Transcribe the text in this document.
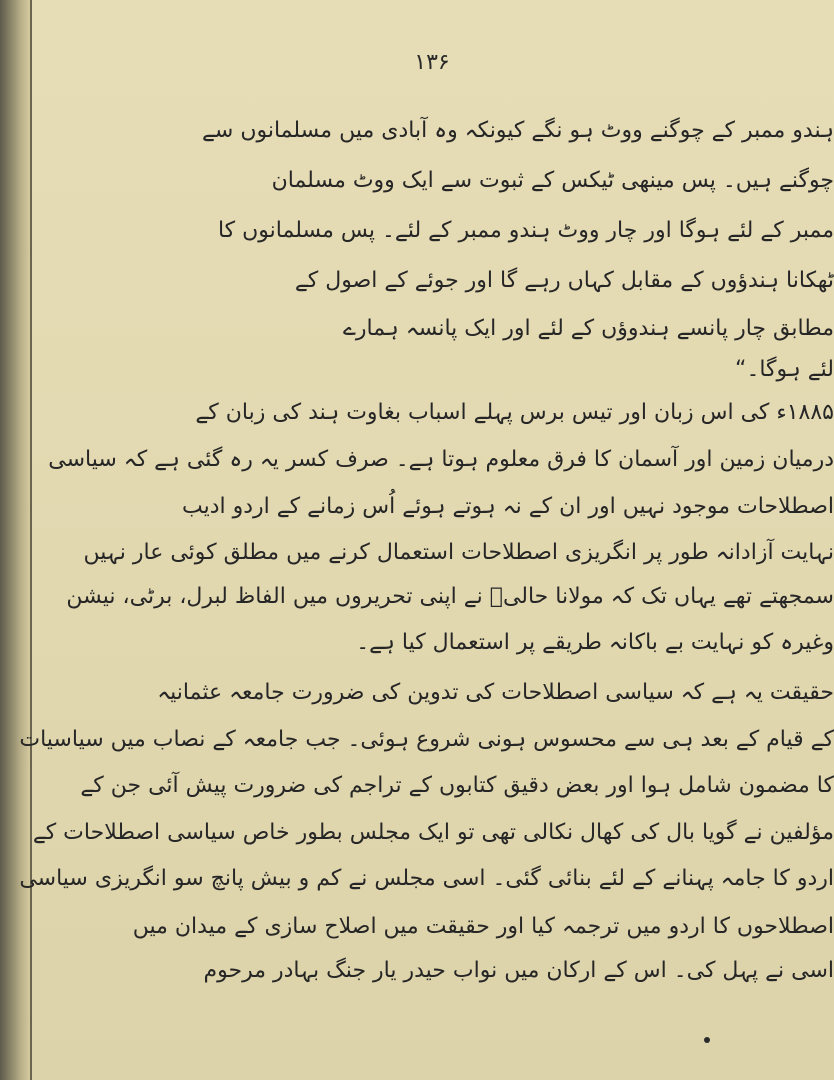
۱۳۶
ہندو ممبر کے چوگنے ووٹ ہو نگے کیونکہ وہ آبادی میں مسلمانوں سے
چوگنے ہیں۔ پس مینھی ٹیکس کے ثبوت سے ایک ووٹ مسلمان
ممبر کے لئے ہوگا اور چار ووٹ ہندو ممبر کے لئے۔ پس مسلمانوں کا
ٹھکانا ہندؤوں کے مقابل کہاں رہے گا اور جوئے کے اصول کے
مطابق چار پانسے ہندوؤں کے لئے اور ایک پانسہ ہمارے
لئے ہوگا۔“
۱۸۸۵ء کی اس زبان اور تیس برس پہلے اسباب بغاوت ہند کی زبان کے
درمیان زمین اور آسمان کا فرق معلوم ہوتا ہے۔ صرف کسر یہ رہ گئی ہے کہ سیاسی
اصطلاحات موجود نہیں اور ان کے نہ ہوتے ہوئے اُس زمانے کے اردو ادیب
نہایت آزادانہ طور پر انگریزی اصطلاحات استعمال کرنے میں مطلق کوئی عار نہیں
سمجھتے تھے یہاں تک کہ مولانا حالیؔ نے اپنی تحریروں میں الفاظ لبرل، برٹی، نیشن
وغیرہ کو نہایت بے باکانہ طریقے پر استعمال کیا ہے۔
حقیقت یہ ہے کہ سیاسی اصطلاحات کی تدوین کی ضرورت جامعہ عثمانیہ
کے قیام کے بعد ہی سے محسوس ہونی شروع ہوئی۔ جب جامعہ کے نصاب میں سیاسیات
کا مضمون شامل ہوا اور بعض دقیق کتابوں کے تراجم کی ضرورت پیش آئی جن کے
مؤلفین نے گویا بال کی کھال نکالی تھی تو ایک مجلس بطور خاص سیاسی اصطلاحات کے
اردو کا جامہ پہنانے کے لئے بنائی گئی۔ اسی مجلس نے کم و بیش پانچ سو انگریزی سیاسی
اصطلاحوں کا اردو میں ترجمہ کیا اور حقیقت میں اصلاح سازی کے میدان میں
اسی نے پہل کی۔ اس کے ارکان میں نواب حیدر یار جنگ بہادر مرحوم
